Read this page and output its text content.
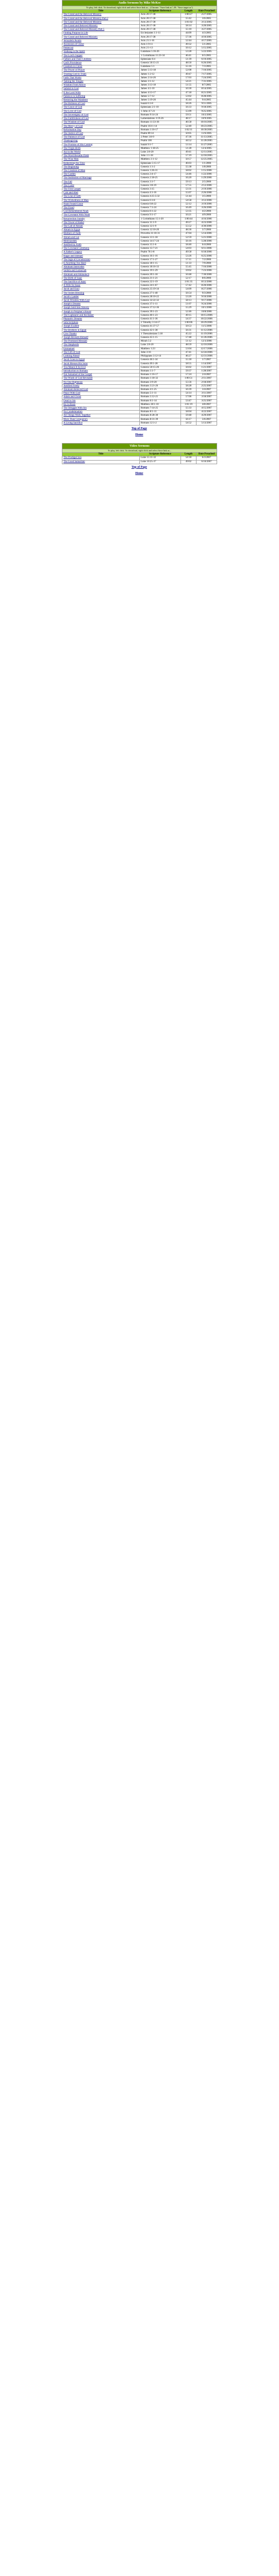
Audio Sermons by Mike McKee			
To play, left click. To download, right click and select Save link as... (Chrome: "Save link as"; IE: "Save target as")			
Title	Scripture Reference	Length	Date Preached
The Grand and the Beloved Ministry	Acts 20:17-38	1:00:27	2/27/2005
The Grand and the Beloved Ministry Part 2	Acts 20:17-38	55:42	3/6/2005
The Grand and the Beloved Ministry	Acts 20:17-38	1:01:02	3/13/2005
The Grand and Beloved Ministry	Acts 20:17-38	58:14	3/20/2005
The Grand and Beloved Ministry Part 5	Acts 20:17-38	55:10	3/27/2005
Finding Purpose in Life	Ecclesiastes 1:1-11	44:09	4/3/2005
The Grand and Beloved Ministry	Acts 20:17-38	57:36	4/10/2005
Jerusalem Awaits	Acts 21:1-16	52:44	4/17/2005
Ascension of Christ	Acts 1:9-11	49:32	5/1/2005
Pentecost	Acts 2:1-13	50:12	5/15/2005
Walking in the Spirit	Galatians 5:16-26	53:28	5/22/2005
The Lord's Supper	1 Corinthians 11:23-34	46:41	6/5/2005
Fathers and Their Children	Ephesians 6:4	51:39	6/19/2005
God's Providence	Genesis 50:15-21	48:50	6/26/2005
Freedom in Christ	Galatians 5:1	55:16	7/3/2005
The Power of Prayer	James 5:13-18	52:08	7/10/2005
Trusting God in Trials	James 1:2-12	49:47	7/17/2005
Faith That Works	James 2:14-26	57:03	7/24/2005
Taming the Tongue	James 3:1-12	54:21	7/31/2005
Wisdom From Above	James 3:13-18	51:55	8/7/2005
Submit to God	James 4:1-10	50:30	8/14/2005
If the Lord Wills	James 4:13-17	47:18	8/21/2005
Patience in Suffering	James 5:7-12	53:02	8/28/2005
Restoring the Wanderer	James 5:19-20	45:44	9/4/2005
The Holiness of God	Isaiah 6:1-8	58:26	9/11/2005
The Grace of God	Ephesians 2:1-10	56:33	9/18/2005
The Love of God	1 John 4:7-21	55:09	9/25/2005
The Sovereignty of God	Romans 9:14-24	59:51	10/2/2005
The Faithfulness of God	Lamentations 3:19-26	48:17	10/9/2005
The Wisdom of God	Romans 11:33-36	46:58	10/16/2005
The Mercy of God	Psalm 103:1-14	52:40	10/23/2005
Reformation Day	Romans 1:16-17	1:02:11	10/30/2005
The Justice of God	Psalm 89:14	50:05	11/6/2005
The Patience of God	2 Peter 3:8-9	47:36	11/13/2005
Thanksgiving	Psalm 100	44:52	11/20/2005
The Promise of His Coming	Isaiah 9:1-7	53:14	11/27/2005
The Virgin Birth	Matthew 1:18-25	51:28	12/4/2005
Joy to the World	Luke 2:8-20	49:41	12/11/2005
The Word Became Flesh	John 1:1-18	57:19	12/18/2005
The Wise Men	Matthew 2:1-12	50:57	12/25/2005
Redeeming the Time	Ephesians 5:15-17	46:03	1/1/2006
The Beginning	Genesis 1:1-2	55:38	1/8/2006
The Creation of Man	Genesis 1:26-31	58:02	1/15/2006
The Garden	Genesis 2:4-17	54:46	1/22/2006
The Institution of Marriage	Genesis 2:18-25	56:20	1/29/2006
The Fall	Genesis 3:1-7	59:13	2/5/2006
The Curse	Genesis 3:8-19	57:55	2/12/2006
The First Gospel	Genesis 3:15	53:31	2/19/2006
Cain and Abel	Genesis 4:1-16	55:07	2/26/2006
The Line of Seth	Genesis 4:25-5:32	51:44	3/5/2006
The Wickedness of Man	Genesis 6:1-8	54:58	3/12/2006
Noah Found Grace	Genesis 6:8-22	52:12	3/19/2006
The Flood	Genesis 7:1-24	56:49	3/26/2006
God Remembered Noah	Genesis 8:1-22	53:35	4/2/2006
The Covenant With Noah	Genesis 9:1-17	50:21	4/9/2006
Resurrection Sunday	1 Corinthians 15:1-20	1:00:44	4/16/2006
The Tower of Babel	Genesis 11:1-9	49:27	4/23/2006
The Call of Abram	Genesis 12:1-9	55:52	4/30/2006
Abram in Egypt	Genesis 12:10-20	48:36	5/7/2006
Mothers of Faith	Proverbs 31:10-31	47:04	5/14/2006
Abram and Lot	Genesis 13:1-18	52:59	5/21/2006
Melchizedek	Genesis 14:17-24	56:16	5/28/2006
Justified by Faith	Genesis 15:1-6	58:40	6/4/2006
The Covenant Ceremony	Genesis 15:7-21	54:03	6/11/2006
A Father's Legacy	Psalm 78:1-8	49:58	6/18/2006
Hagar and Ishmael	Genesis 16:1-16	53:26	6/25/2006
The Sign of Circumcision	Genesis 17:1-27	57:11	7/2/2006
Is Anything Too Hard	Genesis 18:1-15	51:33	7/9/2006
Abraham Intercedes	Genesis 18:16-33	55:45	7/16/2006
Sodom and Gomorrah	Genesis 19:1-29	59:02	7/23/2006
Abraham and Abimelech	Genesis 20:1-18	50:48	7/30/2006
The Birth of Isaac	Genesis 21:1-21	52:17	8/6/2006
The Sacrifice of Isaac	Genesis 22:1-19	1:01:35	8/13/2006
A Wife for Isaac	Genesis 24:1-67	57:42	8/20/2006
Jacob and Esau	Genesis 25:19-34	54:09	8/27/2006
The Stolen Blessing	Genesis 27:1-40	56:54	9/3/2006
Jacob's Ladder	Genesis 28:10-22	53:20	9/10/2006
Jacob Wrestles With God	Genesis 32:22-32	58:13	9/17/2006
Joseph's Dreams	Genesis 37:1-11	51:07	9/24/2006
Joseph Sold Into Slavery	Genesis 37:12-36	55:29	10/1/2006
Joseph in Potiphar's House	Genesis 39:1-23	52:46	10/8/2006
The Cupbearer and the Baker	Genesis 40:1-23	49:15	10/15/2006
Pharaoh's Dreams	Genesis 41:1-36	54:37	10/22/2006
Sola Scriptura	2 Timothy 3:14-17	1:00:06	10/29/2006
Joseph Exalted	Genesis 41:37-57	50:53	11/5/2006
The Brothers in Egypt	Genesis 42:1-38	56:31	11/12/2006
Give Thanks	1 Thessalonians 5:18	45:22	11/19/2006
Joseph Reveals Himself	Genesis 45:1-15	57:48	11/26/2006
The Promised Messiah	Micah 5:2	51:12	12/3/2006
The Shepherds	Luke 2:8-20	48:59	12/10/2006
Emmanuel	Matthew 1:23	53:04	12/17/2006
The Gift of God	John 3:16	47:41	12/24/2006
Looking Ahead	Philippians 3:12-14	46:27	12/31/2006
Jacob Goes to Egypt	Genesis 46:1-34	55:18	1/7/2007
Jacob Blesses His Sons	Genesis 49:1-28	58:55	1/14/2007
You Meant It for Evil	Genesis 50:15-26	56:02	1/21/2007
Introduction to Romans	Romans 1:1-7	59:37	1/28/2007
Not Ashamed of the Gospel	Romans 1:16-17	57:24	2/4/2007
The Wrath of God Revealed	Romans 1:18-32	1:00:51	2/11/2007
No One Righteous	Romans 3:9-20	55:56	2/18/2007
Justified Freely	Romans 3:21-26	58:28	2/25/2007
Abraham Believed God	Romans 4:1-25	56:39	3/4/2007
Peace With God	Romans 5:1-11	54:14	3/11/2007
Adam and Christ	Romans 5:12-21	57:06	3/18/2007
Dead to Sin	Romans 6:1-14	53:47	3/25/2007
He Is Risen	Matthew 28:1-10	1:01:19	4/8/2007
The Struggle With Sin	Romans 7:14-25	55:33	4/15/2007
No Condemnation	Romans 8:1-11	58:04	4/22/2007
All Things Work Together	Romans 8:28-30	59:48	4/29/2007
More Than Conquerors	Romans 8:31-39	56:17	5/6/2007
A Living Sacrifice	Romans 12:1-2	54:52	5/13/2007
Top of Page
Home
Video Sermons			
To play, left click. To download, right click and select Save link as...			
Title	Scripture Reference	Length	Date Preached
The Prodigal Son	Luke 15:11-32	54:18	6/3/2007
The Good Samaritan	Luke 10:25-37	49:02	6/10/2007
Top of Page
Home
